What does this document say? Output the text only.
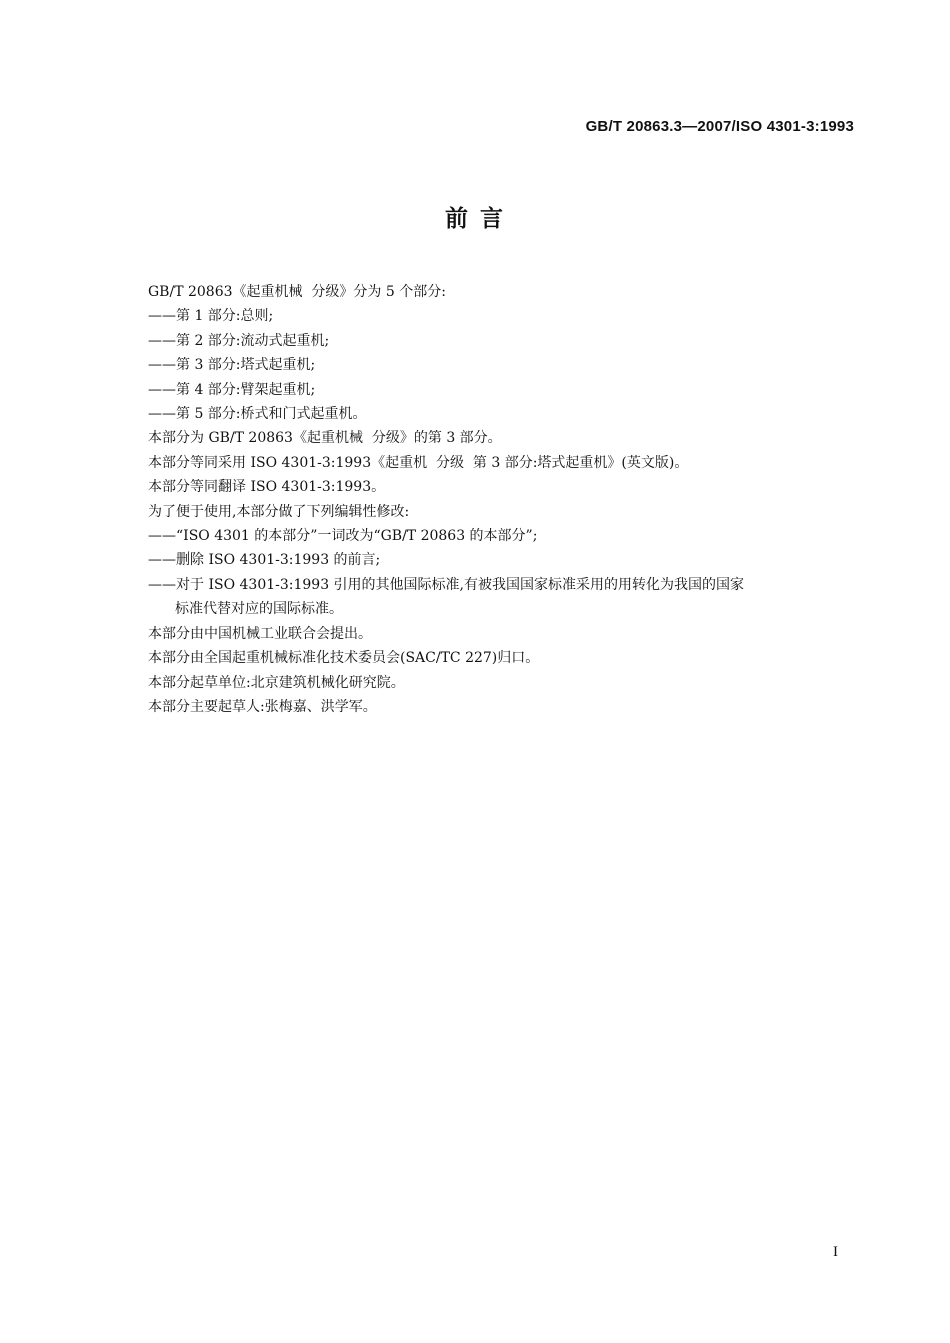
GB/T 20863.3—2007/ISO 4301-3:1993
前 言
GB/T 20863《起重机械  分级》分为 5 个部分:
——第 1 部分:总则;
——第 2 部分:流动式起重机;
——第 3 部分:塔式起重机;
——第 4 部分:臂架起重机;
——第 5 部分:桥式和门式起重机。
本部分为 GB/T 20863《起重机械  分级》的第 3 部分。
本部分等同采用 ISO 4301-3:1993《起重机  分级  第 3 部分:塔式起重机》(英文版)。
本部分等同翻译 ISO 4301-3:1993。
为了便于使用,本部分做了下列编辑性修改:
——“ISO 4301 的本部分”一词改为“GB/T 20863 的本部分”;
——删除 ISO 4301-3:1993 的前言;
——对于 ISO 4301-3:1993 引用的其他国际标准,有被我国国家标准采用的用转化为我国的国家
标准代替对应的国际标准。
本部分由中国机械工业联合会提出。
本部分由全国起重机械标准化技术委员会(SAC/TC 227)归口。
本部分起草单位:北京建筑机械化研究院。
本部分主要起草人:张梅嘉、洪学军。
I
